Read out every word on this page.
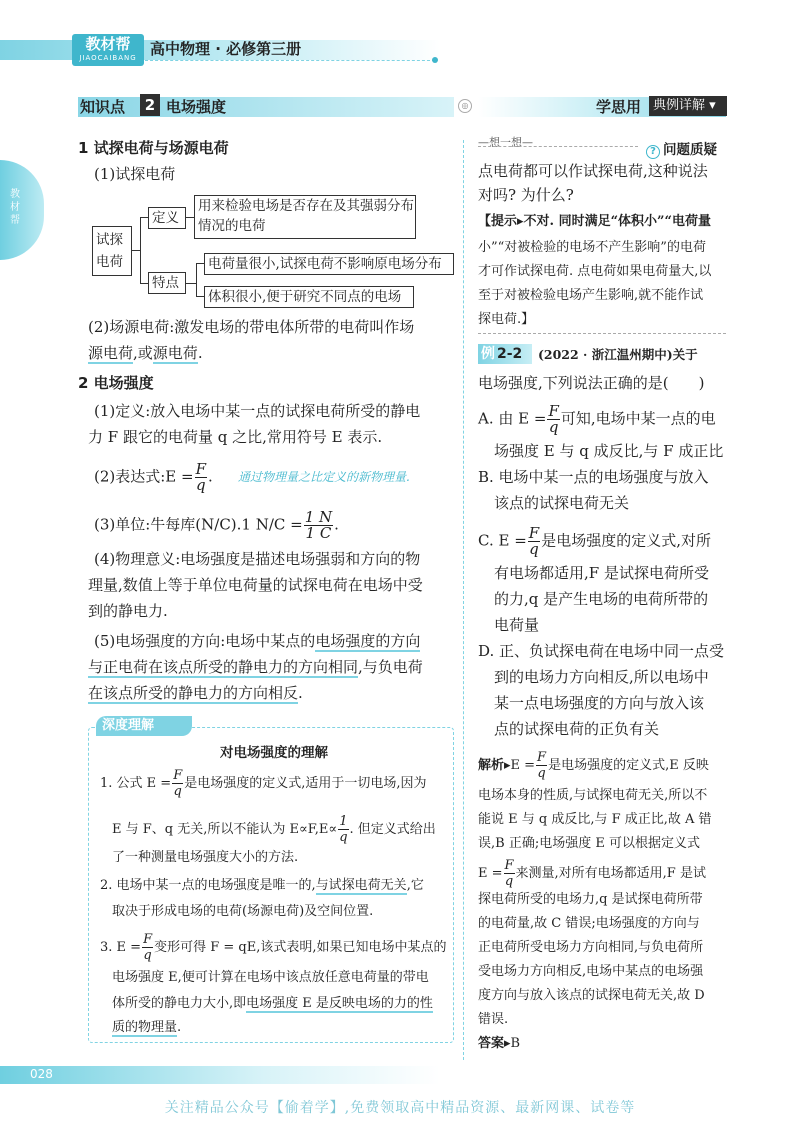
教材帮
JIAOCAIBANG 高中物理 · 必修第三册
知识点	2 电场强度	◎	学思用 典例详解 ▾
教材帮
1 试探电荷与场源电荷
(1)试探电荷
试探
电荷
定义
特点
用来检验电场是否存在及其强弱分布
情况的电荷
电荷量很小,试探电荷不影响原电场分布
体积很小,便于研究不同点的电场
(2)场源电荷:激发电场的带电体所带的电荷叫作场
源电荷,或源电荷.
2 电场强度
(1)定义:放入电场中某一点的试探电荷所受的静电
力 F 跟它的电荷量 q 之比,常用符号 E 表示.
(2)表达式:E = $\frac{F}{q}$ . 通过物理量之比定义的新物理量.
(3)单位:牛每库(N/C).1 $N/C = \frac{1 N}{1 C}$ .
(4)物理意义:电场强度是描述电场强弱和方向的物
理量,数值上等于单位电荷量的试探电荷在电场中受
到的静电力.
(5)电场强度的方向:电场中某点的电场强度的方向
与正电荷在该点所受的静电力的方向相同,与负电荷
在该点所受的静电力的方向相反.
深度理解
对电场强度的理解
1. 公式 $E = \frac{F}{q}$ 是电场强度的定义式,适用于一切电场,因为
E 与 F、q 无关,所以不能认为 $E\propto F,E\propto \frac{1}{q}$ . 但定义式给出
了一种测量电场强度大小的方法.
2. 电场中某一点的电场强度是唯一的,与试探电荷无关,它
取决于形成电场的电荷(场源电荷)及空间位置.
3. $E = \frac{F}{q}$ 变形可得 F = qE,该式表明,如果已知电场中某点的
电场强度 E,便可计算在电场中该点放任意电荷量的带电
体所受的静电力大小,即电场强度 E 是反映电场的力的性
质的物理量.
—想一想—
? 问题质疑
点电荷都可以作试探电荷,这种说法
对吗? 为什么?
【提示▸不对. 同时满足“体积小”“电荷量
小”“对被检验的电场不产生影响”的电荷
才可作试探电荷. 点电荷如果电荷量大,以
至于对被检验电场产生影响,就不能作试
探电荷.】
例 2-2	(2022 · 浙江温州期中)关于
电场强度,下列说法正确的是(　　)
A. 由 $E = \frac{F}{q}$ 可知,电场中某一点的电
场强度 E 与 q 成反比,与 F 成正比
B. 电场中某一点的电场强度与放入
该点的试探电荷无关
C. $E = \frac{F}{q}$ 是电场强度的定义式,对所
有电场都适用,F 是试探电荷所受
的力,q 是产生电场的电荷所带的
电荷量
D. 正、负试探电荷在电场中同一点受
到的电场力方向相反,所以电场中
某一点电场强度的方向与放入该
点的试探电荷的正负有关
解析▸E = $\frac{F}{q}$ 是电场强度的定义式,E 反映
电场本身的性质,与试探电荷无关,所以不
能说 E 与 q 成反比,与 F 成正比,故 A 错
误,B 正确;电场强度 E 可以根据定义式
$E = \frac{F}{q}$ 来测量,对所有电场都适用,F 是试
探电荷所受的电场力,q 是试探电荷所带
的电荷量,故 C 错误;电场强度的方向与
正电荷所受电场力方向相同,与负电荷所
受电场力方向相反,电场中某点的电场强
度方向与放入该点的试探电荷无关,故 D
错误.
答案▸B
028
关注精品公众号【偷着学】,免费领取高中精品资源、最新网课、试卷等
